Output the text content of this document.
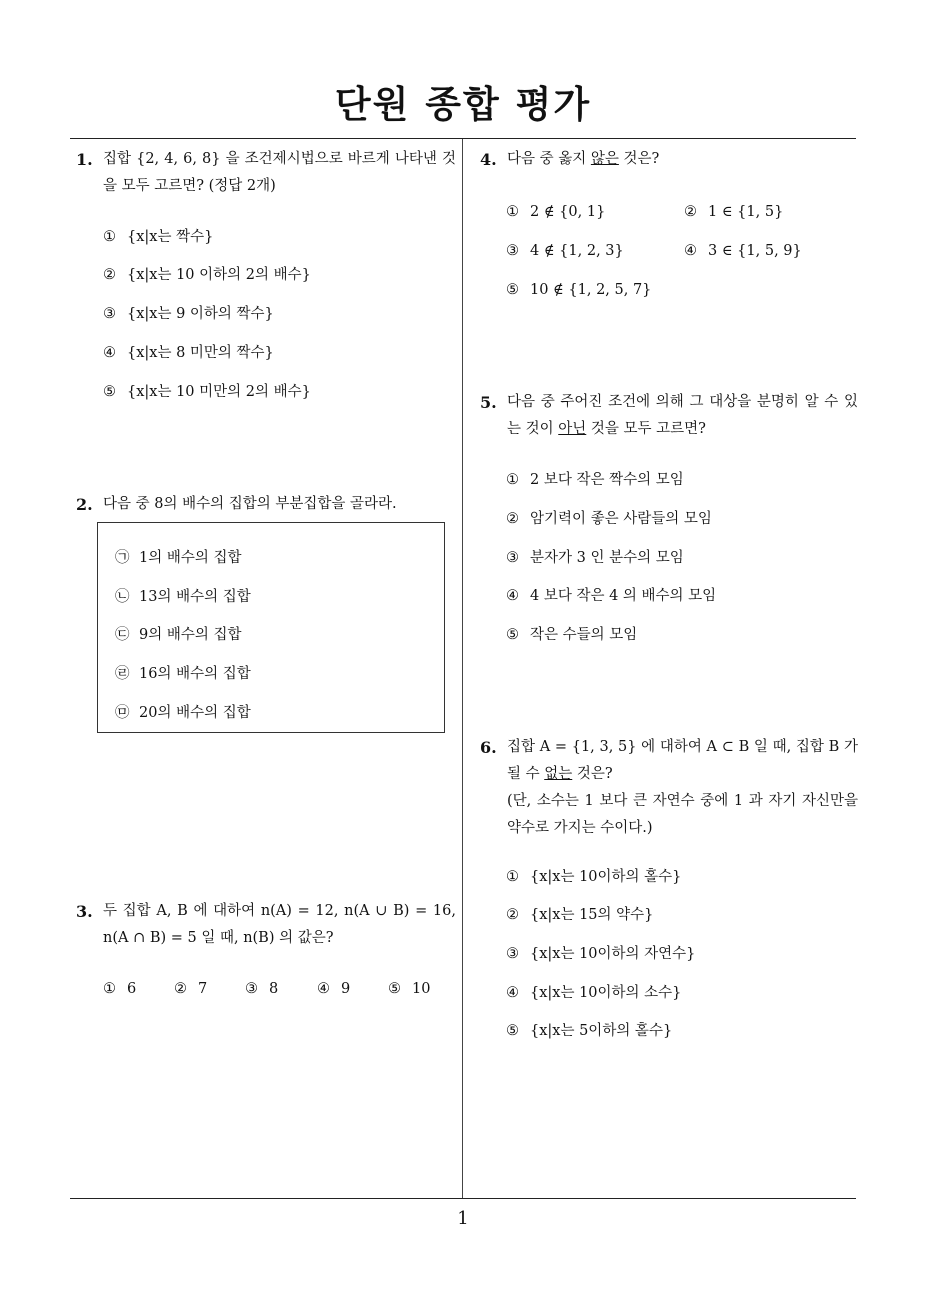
단원 종합 평가
1
1. 집합 {2, 4, 6, 8} 을 조건제시법으로 바르게 나타낸 것을 모두 고르면? (정답 2개)
① {x|x는 짝수}
② {x|x는 10 이하의 2의 배수}
③ {x|x는 9 이하의 짝수}
④ {x|x는 8 미만의 짝수}
⑤ {x|x는 10 미만의 2의 배수}
2. 다음 중 8의 배수의 집합의 부분집합을 골라라.
㉠ 1의 배수의 집합
㉡ 13의 배수의 집합
㉢ 9의 배수의 집합
㉣ 16의 배수의 집합
㉤ 20의 배수의 집합
3. 두 집합 A, B 에 대하여 n(A) = 12, n(A ∪ B) = 16, n(A ∩ B) = 5 일 때, n(B) 의 값은?
① 6	② 7	③ 8	④ 9	⑤ 10
4. 다음 중 옳지 않은 것은?
① 2 ∉ {0, 1}	② 1 ∈ {1, 5}
③ 4 ∉ {1, 2, 3}	④ 3 ∈ {1, 5, 9}
⑤ 10 ∉ {1, 2, 5, 7}
5. 다음 중 주어진 조건에 의해 그 대상을 분명히 알 수 있는 것이 아닌 것을 모두 고르면?
① 2 보다 작은 짝수의 모임
② 암기력이 좋은 사람들의 모임
③ 분자가 3 인 분수의 모임
④ 4 보다 작은 4 의 배수의 모임
⑤ 작은 수들의 모임
6. 집합 A = {1, 3, 5} 에 대하여 A ⊂ B 일 때, 집합 B 가 될 수 없는 것은?
(단, 소수는 1 보다 큰 자연수 중에 1 과 자기 자신만을 약수로 가지는 수이다.)
① {x|x는 10이하의 홀수}
② {x|x는 15의 약수}
③ {x|x는 10이하의 자연수}
④ {x|x는 10이하의 소수}
⑤ {x|x는 5이하의 홀수}
